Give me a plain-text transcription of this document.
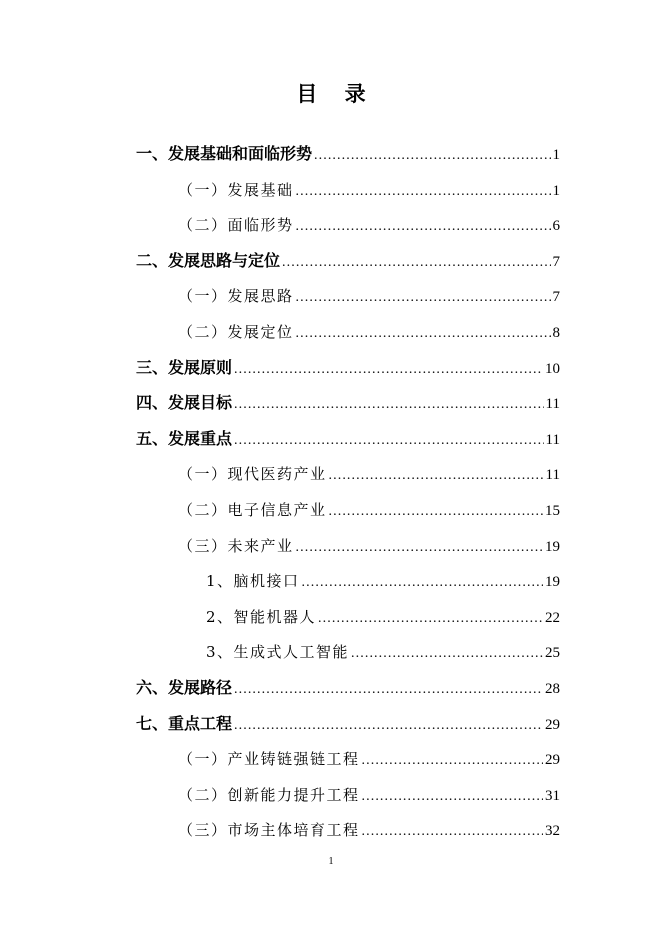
目 录
一、发展基础和面临形势 . . .	1
（一）发展基础 . . .	1
（二）面临形势 . . .	6
二、发展思路与定位 . . .	7
（一）发展思路 . . .	7
（二）发展定位 . . .	8
三、发展原则 . . .	10
四、发展目标 . . .	11
五、发展重点 . . .	11
（一）现代医药产业 . . .	11
（二）电子信息产业 . . .	15
（三）未来产业 . . .	19
1、脑机接口 . . .	19
2、智能机器人 . . .	22
3、生成式人工智能 . . .	25
六、发展路径 . . .	28
七、重点工程 . . .	29
（一）产业铸链强链工程 . . .	29
（二）创新能力提升工程 . . .	31
（三）市场主体培育工程 . . .	32
1
